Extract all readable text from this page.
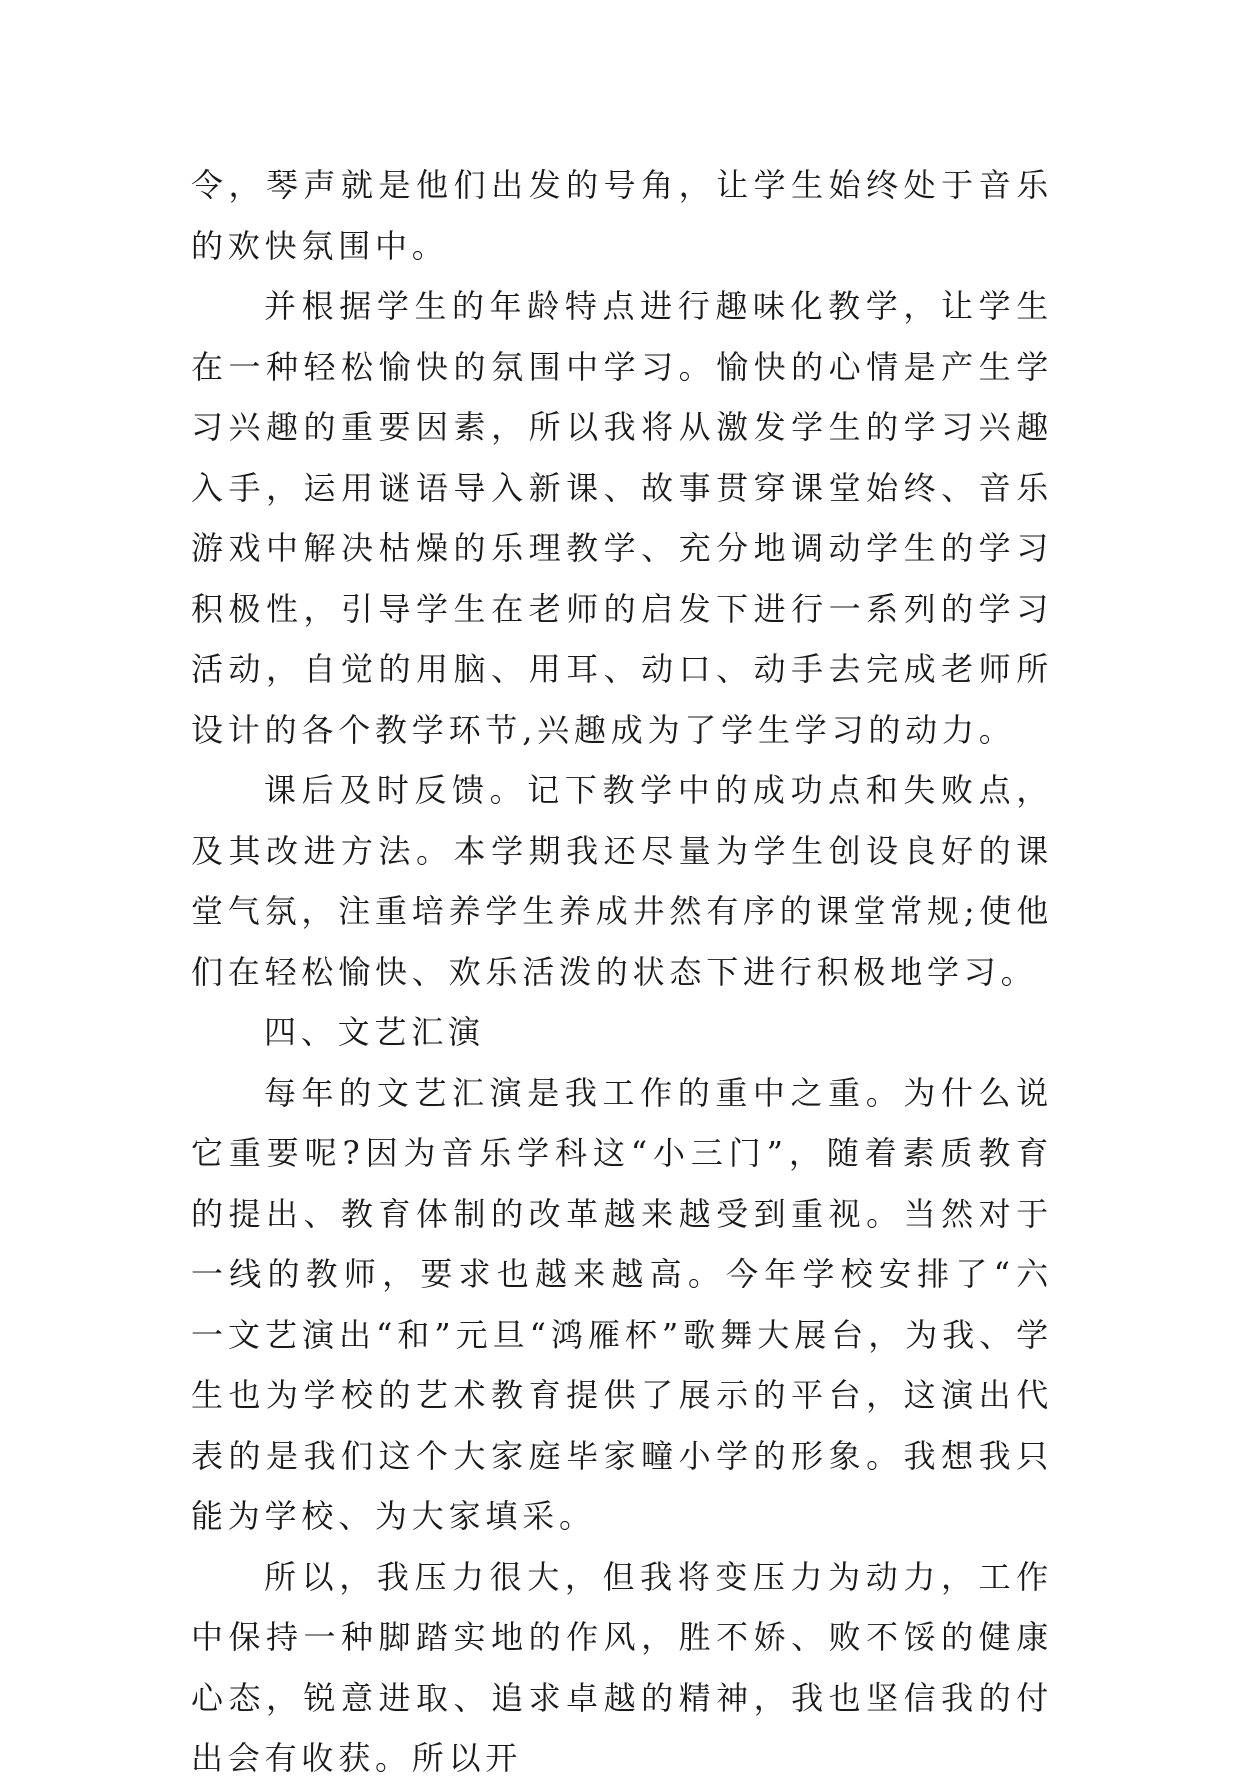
令，琴声就是他们出发的号角，让学生始终处于音乐的欢快氛围中。

并根据学生的年龄特点进行趣味化教学，让学生在一种轻松愉快的氛围中学习。愉快的心情是产生学习兴趣的重要因素，所以我将从激发学生的学习兴趣入手，运用谜语导入新课、故事贯穿课堂始终、音乐游戏中解决枯燥的乐理教学、充分地调动学生的学习积极性，引导学生在老师的启发下进行一系列的学习活动，自觉的用脑、用耳、动口、动手去完成老师所设计的各个教学环节,兴趣成为了学生学习的动力。

课后及时反馈。记下教学中的成功点和失败点，及其改进方法。本学期我还尽量为学生创设良好的课堂气氛，注重培养学生养成井然有序的课堂常规;使他们在轻松愉快、欢乐活泼的状态下进行积极地学习。

四、文艺汇演

每年的文艺汇演是我工作的重中之重。为什么说它重要呢?因为音乐学科这“小三门”，随着素质教育的提出、教育体制的改革越来越受到重视。当然对于一线的教师，要求也越来越高。今年学校安排了“六一文艺演出“和”元旦“鸿雁杯”歌舞大展台，为我、学生也为学校的艺术教育提供了展示的平台，这演出代表的是我们这个大家庭毕家疃小学的形象。我想我只能为学校、为大家填采。

所以，我压力很大，但我将变压力为动力，工作中保持一种脚踏实地的作风，胜不娇、败不馁的健康心态，锐意进取、追求卓越的精神，我也坚信我的付出会有收获。所以开
